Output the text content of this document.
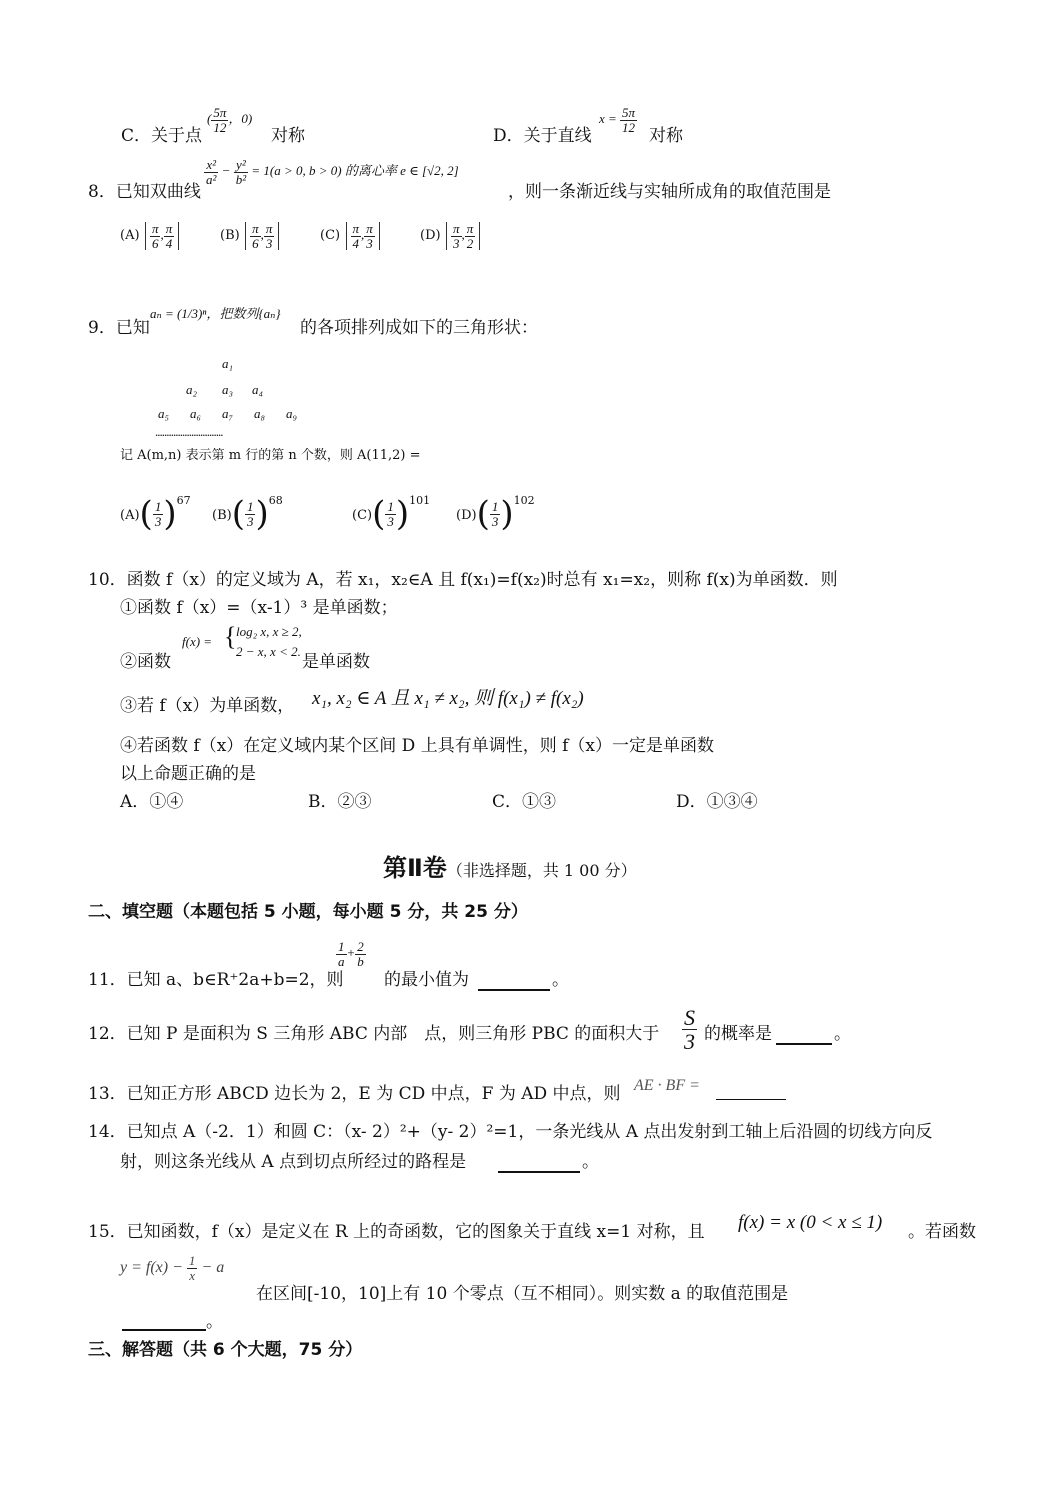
C．关于点
( $\frac{5\pi}{12}$ ，0)
对称	D．关于直线
$x = \frac{5\pi}{12}$
对称
8．已知双曲线
$\frac{\text{x²}}{\text{a²}} - \frac{\text{y²}}{\text{b²}} = 1(a > 0$, b > 0) 的离心率 e ∈ [√2, 2]
，则一条渐近线与实轴所成角的取值范围是
$(A) \frac{\pi}{6}$ , $\frac{\pi}{4}$	$(B) \frac{\pi}{6}$ , $\frac{\pi}{3}$	$(C) \frac{\pi}{4}$ , $\frac{\pi}{3}$	$(D) \frac{\pi}{3}$ , $\frac{\pi}{2}$
9．已知
aₙ = (1/3)ⁿ，把数列{aₙ}
的各项排列成如下的三角形状：
a₁
a₂ a₃ a₄
a₅ a₆ a₇ a₈ a₉
..............................
记 A(m,n) 表示第 m 行的第 n 个数，则 A(11,2) =
$(A)( \frac{1}{3} )^{67}$
$(B)( \frac{1}{3} )^{68}$
$(C)( \frac{1}{3} )^{101}$
$(D)( \frac{1}{3} )^{102}$
10．函数 f（x）的定义域为 A，若 x₁，x₂∈A 且 f(x₁)=f(x₂)时总有 x₁=x₂，则称 f(x)为单函数．则
①函数 f（x）=（x-1）³ 是单函数；
②函数
f(x) = { log₂ x, x ≥ 2,
2 − x, x < 2.
是单函数
③若 f（x）为单函数， x₁, x₂ ∈ A 且 x₁ ≠ x₂, 则 f(x₁) ≠ f(x₂)
④若函数 f（x）在定义域内某个区间 D 上具有单调性，则 f（x）一定是单函数
以上命题正确的是
A．①④	B．②③	C．①③	D．①③④
第Ⅱ卷（非选择题，共 1 00 分）
二、填空题（本题包括 5 小题，每小题 5 分，共 25 分）
11．已知 a、b∈R⁺2a+b=2，则
$\frac{1}{a} + \frac{2}{b}$
的最小值为	。
12．已知 P 是面积为 S 三角形 ABC 内部　点，则三角形 PBC 的面积大于 $\frac{S}{3}$ 的概率是	。
13．已知正方形 ABCD 边长为 2，E 为 CD 中点，F 为 AD 中点，则 AE · BF =
14．已知点 A（-2．1）和圆 C：（x- 2）²+（y- 2）²=1，一条光线从 A 点出发射到工轴上后沿圆的切线方向反
射，则这条光线从 A 点到切点所经过的路程是	。
15．已知函数，f（x）是定义在 R 上的奇函数，它的图象关于直线 x=1 对称，且 f(x) = x (0 < x ≤ 1) 。若函数
$y = f(x) - \frac{1}{x} - a$
在区间[-10，10]上有 10 个零点（互不相同）。则实数 a 的取值范围是
。
三、解答题（共 6 个大题，75 分）
